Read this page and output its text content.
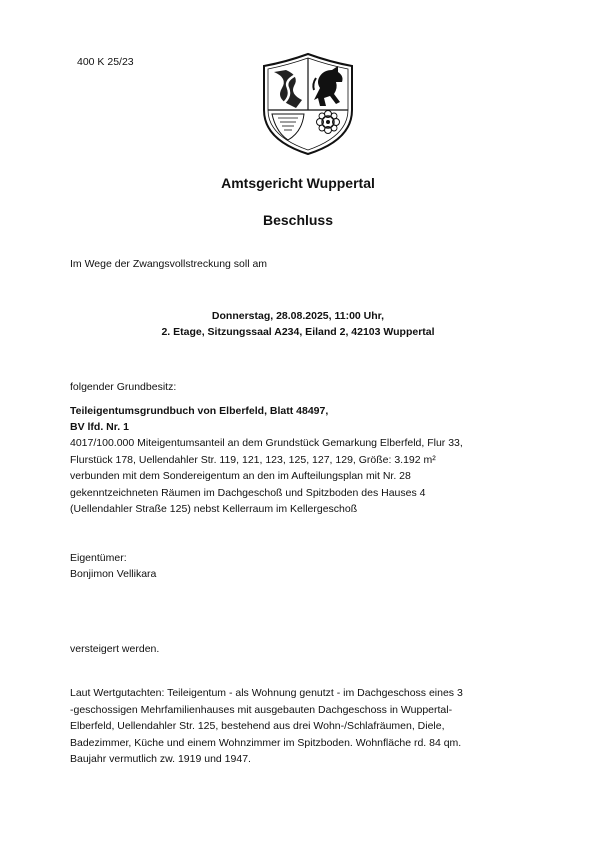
400 K 25/23
Amtsgericht Wuppertal
Beschluss
Im Wege der Zwangsvollstreckung soll am
Donnerstag, 28.08.2025, 11:00 Uhr,
2. Etage, Sitzungssaal A234, Eiland 2, 42103 Wuppertal
folgender Grundbesitz:
Teileigentumsgrundbuch von Elberfeld, Blatt 48497,
BV lfd. Nr. 1
4017/100.000 Miteigentumsanteil an dem Grundstück Gemarkung Elberfeld, Flur 33,
Flurstück 178, Uellendahler Str. 119, 121, 123, 125, 127, 129, Größe: 3.192 m²
verbunden mit dem Sondereigentum an den im Aufteilungsplan mit Nr. 28
gekenntzeichneten Räumen im Dachgeschoß und Spitzboden des Hauses 4
(Uellendahler Straße 125) nebst Kellerraum im Kellergeschoß
Eigentümer:
Bonjimon Vellikara
versteigert werden.
Laut Wertgutachten: Teileigentum - als Wohnung genutzt - im Dachgeschoss eines 3
-geschossigen Mehrfamilienhauses mit ausgebauten Dachgeschoss in Wuppertal-
Elberfeld, Uellendahler Str. 125, bestehend aus drei Wohn-/Schlafräumen, Diele,
Badezimmer, Küche und einem Wohnzimmer im Spitzboden. Wohnfläche rd. 84 qm.
Baujahr vermutlich zw. 1919 und 1947.
